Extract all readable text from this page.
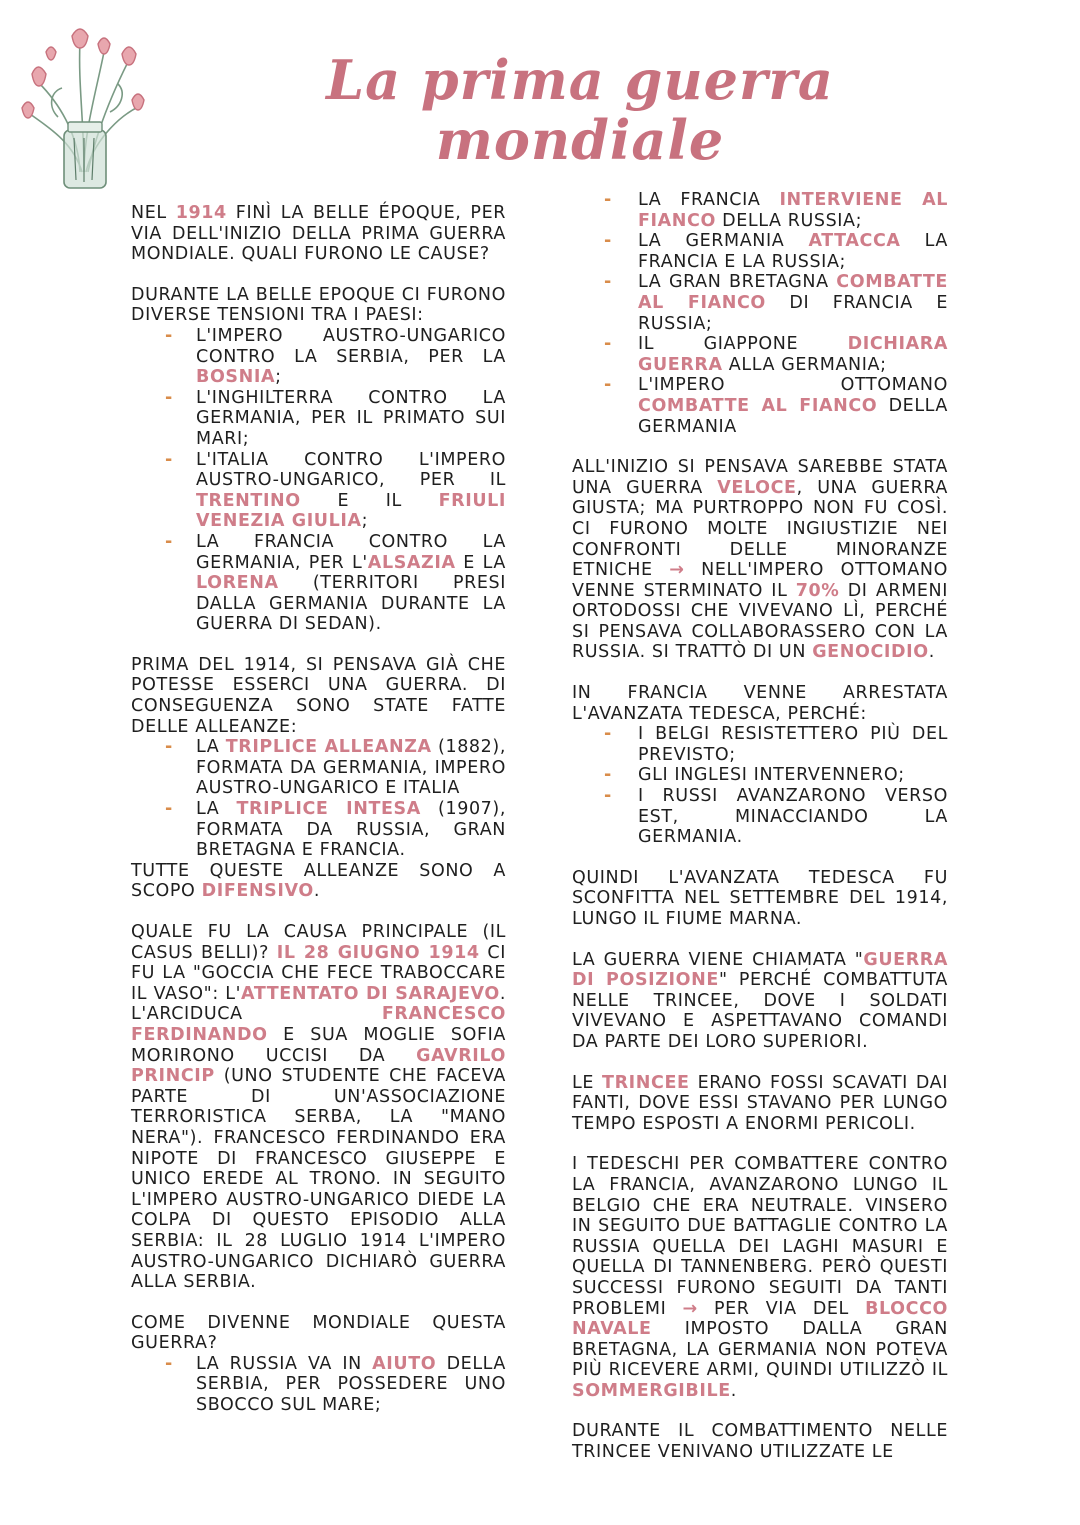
La prima guerra
mondiale

NEL 1914 FINÌ LA BELLE ÉPOQUE, PER VIA DELL'INIZIO DELLA PRIMA GUERRA MONDIALE. QUALI FURONO LE CAUSE?

DURANTE LA BELLE EPOQUE CI FURONO DIVERSE TENSIONI TRA I PAESI:

- L'IMPERO AUSTRO-UNGARICO CONTRO LA SERBIA, PER LA BOSNIA;
- L'INGHILTERRA CONTRO LA GERMANIA, PER IL PRIMATO SUI MARI;
- L'ITALIA CONTRO L'IMPERO AUSTRO-UNGARICO, PER IL TRENTINO E IL FRIULI VENEZIA GIULIA;
- LA FRANCIA CONTRO LA GERMANIA, PER L'ALSAZIA E LA LORENA (TERRITORI PRESI DALLA GERMANIA DURANTE LA GUERRA DI SEDAN).

PRIMA DEL 1914, SI PENSAVA GIÀ CHE POTESSE ESSERCI UNA GUERRA. DI CONSEGUENZA SONO STATE FATTE DELLE ALLEANZE:

- LA TRIPLICE ALLEANZA (1882), FORMATA DA GERMANIA, IMPERO AUSTRO-UNGARICO E ITALIA
- LA TRIPLICE INTESA (1907), FORMATA DA RUSSIA, GRAN BRETAGNA E FRANCIA.

TUTTE QUESTE ALLEANZE SONO A SCOPO DIFENSIVO.

QUALE FU LA CAUSA PRINCIPALE (IL CASUS BELLI)? IL 28 GIUGNO 1914 CI FU LA "GOCCIA CHE FECE TRABOCCARE IL VASO": L'ATTENTATO DI SARAJEVO. L'ARCIDUCA FRANCESCO FERDINANDO E SUA MOGLIE SOFIA MORIRONO UCCISI DA GAVRILO PRINCIP (UNO STUDENTE CHE FACEVA PARTE DI UN'ASSOCIAZIONE TERRORISTICA SERBA, LA "MANO NERA"). FRANCESCO FERDINANDO ERA NIPOTE DI FRANCESCO GIUSEPPE E UNICO EREDE AL TRONO. IN SEGUITO L'IMPERO AUSTRO-UNGARICO DIEDE LA COLPA DI QUESTO EPISODIO ALLA SERBIA: IL 28 LUGLIO 1914 L'IMPERO AUSTRO-UNGARICO DICHIARÒ GUERRA ALLA SERBIA.

COME DIVENNE MONDIALE QUESTA GUERRA?

- LA RUSSIA VA IN AIUTO DELLA SERBIA, PER POSSEDERE UNO SBOCCO SUL MARE;
- LA FRANCIA INTERVIENE AL FIANCO DELLA RUSSIA;
- LA GERMANIA ATTACCA LA FRANCIA E LA RUSSIA;
- LA GRAN BRETAGNA COMBATTE AL FIANCO DI FRANCIA E RUSSIA;
- IL GIAPPONE DICHIARA GUERRA ALLA GERMANIA;
- L'IMPERO OTTOMANO COMBATTE AL FIANCO DELLA GERMANIA

ALL'INIZIO SI PENSAVA SAREBBE STATA UNA GUERRA VELOCE, UNA GUERRA GIUSTA; MA PURTROPPO NON FU COSÌ. CI FURONO MOLTE INGIUSTIZIE NEI CONFRONTI DELLE MINORANZE ETNICHE → NELL'IMPERO OTTOMANO VENNE STERMINATO IL 70% DI ARMENI ORTODOSSI CHE VIVEVANO LÌ, PERCHÉ SI PENSAVA COLLABORASSERO CON LA RUSSIA. SI TRATTÒ DI UN GENOCIDIO.

IN FRANCIA VENNE ARRESTATA L'AVANZATA TEDESCA, PERCHÉ:

- I BELGI RESISTETTERO PIÙ DEL PREVISTO;
- GLI INGLESI INTERVENNERO;
- I RUSSI AVANZARONO VERSO EST, MINACCIANDO LA GERMANIA.

QUINDI L'AVANZATA TEDESCA FU SCONFITTA NEL SETTEMBRE DEL 1914, LUNGO IL FIUME MARNA.

LA GUERRA VIENE CHIAMATA "GUERRA DI POSIZIONE" PERCHÉ COMBATTUTA NELLE TRINCEE, DOVE I SOLDATI VIVEVANO E ASPETTAVANO COMANDI DA PARTE DEI LORO SUPERIORI.

LE TRINCEE ERANO FOSSI SCAVATI DAI FANTI, DOVE ESSI STAVANO PER LUNGO TEMPO ESPOSTI A ENORMI PERICOLI.

I TEDESCHI PER COMBATTERE CONTRO LA FRANCIA, AVANZARONO LUNGO IL BELGIO CHE ERA NEUTRALE. VINSERO IN SEGUITO DUE BATTAGLIE CONTRO LA RUSSIA QUELLA DEI LAGHI MASURI E QUELLA DI TANNENBERG. PERÒ QUESTI SUCCESSI FURONO SEGUITI DA TANTI PROBLEMI → PER VIA DEL BLOCCO NAVALE IMPOSTO DALLA GRAN BRETAGNA, LA GERMANIA NON POTEVA PIÙ RICEVERE ARMI, QUINDI UTILIZZÒ IL SOMMERGIBILE.

DURANTE IL COMBATTIMENTO NELLE TRINCEE VENIVANO UTILIZZATE LE
